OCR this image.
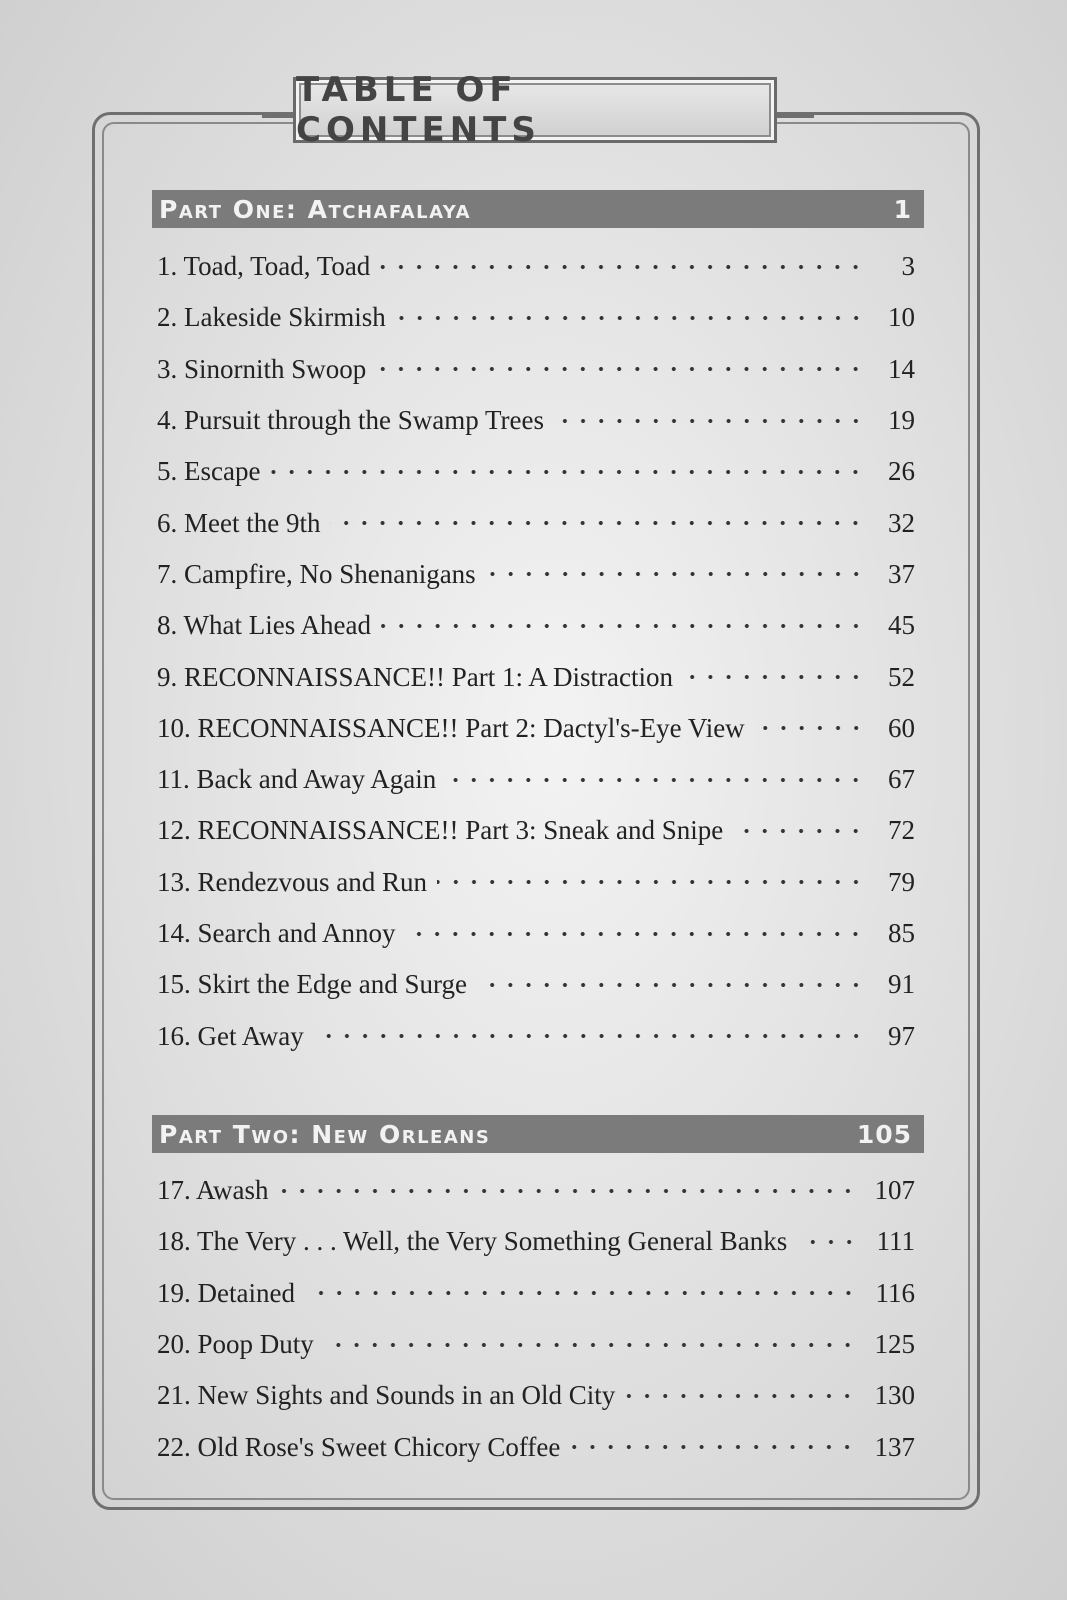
TABLE OF CONTENTS
Part One: Atchafalaya	1
1. Toad, Toad, Toad	3
2. Lakeside Skirmish	10
3. Sinornith Swoop	14
4. Pursuit through the Swamp Trees	19
5. Escape	26
6. Meet the 9th	32
7. Campfire, No Shenanigans	37
8. What Lies Ahead	45
9. RECONNAISSANCE!! Part 1: A Distraction	52
10. RECONNAISSANCE!! Part 2: Dactyl's-Eye View	60
11. Back and Away Again	67
12. RECONNAISSANCE!! Part 3: Sneak and Snipe	72
13. Rendezvous and Run	79
14. Search and Annoy	85
15. Skirt the Edge and Surge	91
16. Get Away	97
Part Two: New Orleans	105
17. Awash	107
18. The Very . . . Well, the Very Something General Banks	111
19. Detained	116
20. Poop Duty	125
21. New Sights and Sounds in an Old City	130
22. Old Rose's Sweet Chicory Coffee	137
